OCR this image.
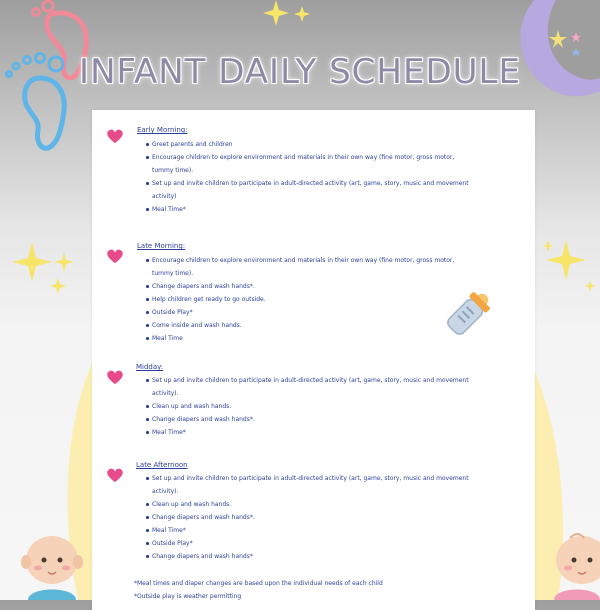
INFANT DAILY SCHEDULE
Early Morning:
Greet parents and children
Encourage children to explore environment and materials in their own way (fine motor, gross motor, tummy time).
Set up and invite children to participate in adult-directed activity (art, game, story, music and movement activity)
Meal Time*
Late Morning:
Encourage children to explore environment and materials in their own way (fine motor, gross motor, tummy time).
Change diapers and wash hands*.
Help children get ready to go outside.
Outside Play*
Come inside and wash hands.
Meal Time
Midday:
Set up and invite children to participate in adult-directed activity (art, game, story, music and movement activity).
Clean up and wash hands.
Change diapers and wash hands*.
Meal Time*
Late Afternoon
Set up and invite children to participate in adult-directed activity (art, game, story, music and movement activity).
Clean up and wash hands.
Change diapers and wash hands*.
Meal Time*
Outside Play*
Change diapers and wash hands*
*Meal times and diaper changes are based upon the individual needs of each child
*Outside play is weather permitting
